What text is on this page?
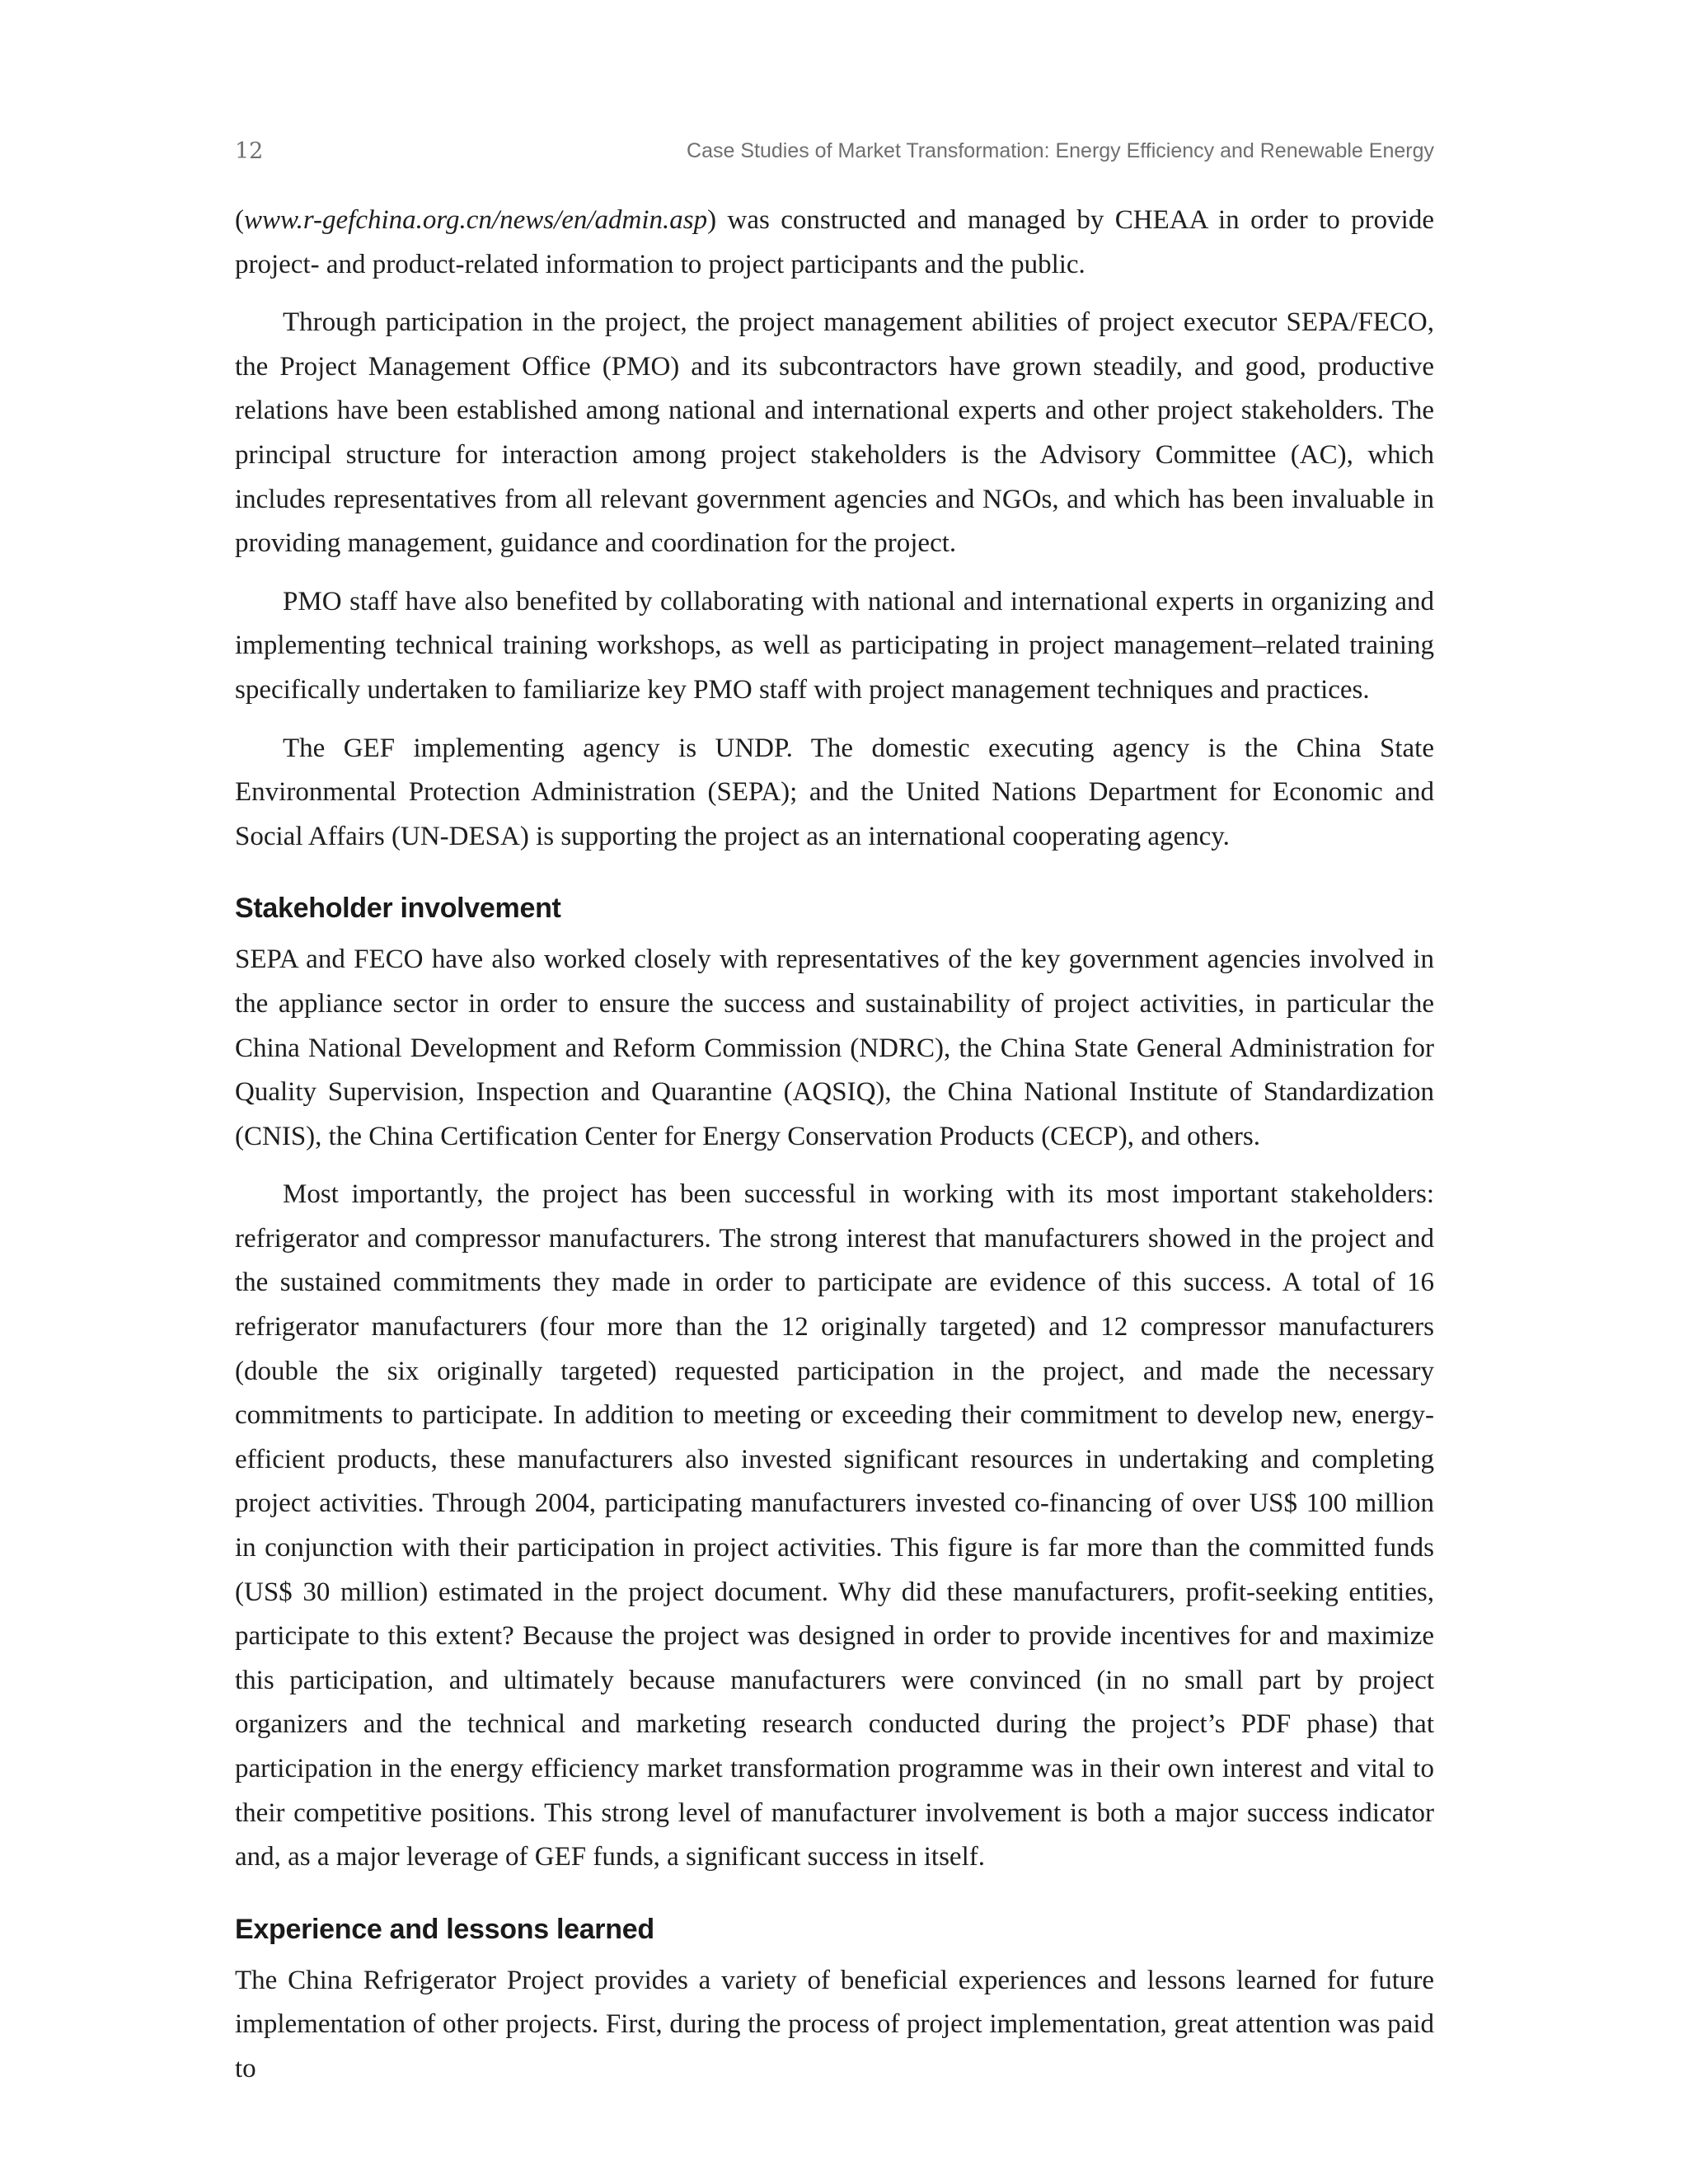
12	Case Studies of Market Transformation: Energy Efficiency and Renewable Energy

(www.r-gefchina.org.cn/news/en/admin.asp) was constructed and managed by CHEAA in order to provide project- and product-related information to project participants and the public.

Through participation in the project, the project management abilities of project executor SEPA/FECO, the Project Management Office (PMO) and its subcontractors have grown steadily, and good, productive relations have been established among national and international experts and other project stakeholders. The principal structure for interaction among project stakeholders is the Advisory Committee (AC), which includes representatives from all relevant government agencies and NGOs, and which has been invaluable in providing management, guidance and coordination for the project.

PMO staff have also benefited by collaborating with national and international experts in organizing and implementing technical training workshops, as well as participating in project management–related training specifically undertaken to familiarize key PMO staff with project management techniques and practices.

The GEF implementing agency is UNDP. The domestic executing agency is the China State Environmental Protection Administration (SEPA); and the United Nations Department for Economic and Social Affairs (UN-DESA) is supporting the project as an international cooperating agency.

Stakeholder involvement

SEPA and FECO have also worked closely with representatives of the key government agencies involved in the appliance sector in order to ensure the success and sustainability of project activities, in particular the China National Development and Reform Commission (NDRC), the China State General Administration for Quality Supervision, Inspection and Quarantine (AQSIQ), the China National Institute of Standardization (CNIS), the China Certification Center for Energy Conservation Products (CECP), and others.

Most importantly, the project has been successful in working with its most important stakeholders: refrigerator and compressor manufacturers. The strong interest that manufacturers showed in the project and the sustained commitments they made in order to participate are evidence of this success. A total of 16 refrigerator manufacturers (four more than the 12 originally targeted) and 12 compressor manufacturers (double the six originally targeted) requested participation in the project, and made the necessary commitments to participate. In addition to meeting or exceeding their commitment to develop new, energy-efficient products, these manufacturers also invested significant resources in undertaking and completing project activities. Through 2004, participating manufacturers invested co-financing of over US$ 100 million in conjunction with their participation in project activities. This figure is far more than the committed funds (US$ 30 million) estimated in the project document. Why did these manufacturers, profit-seeking entities, participate to this extent? Because the project was designed in order to provide incentives for and maximize this participation, and ultimately because manufacturers were convinced (in no small part by project organizers and the technical and marketing research conducted during the project’s PDF phase) that participation in the energy efficiency market transformation programme was in their own interest and vital to their competitive positions. This strong level of manufacturer involvement is both a major success indicator and, as a major leverage of GEF funds, a significant success in itself.

Experience and lessons learned

The China Refrigerator Project provides a variety of beneficial experiences and lessons learned for future implementation of other projects. First, during the process of project implementation, great attention was paid to
